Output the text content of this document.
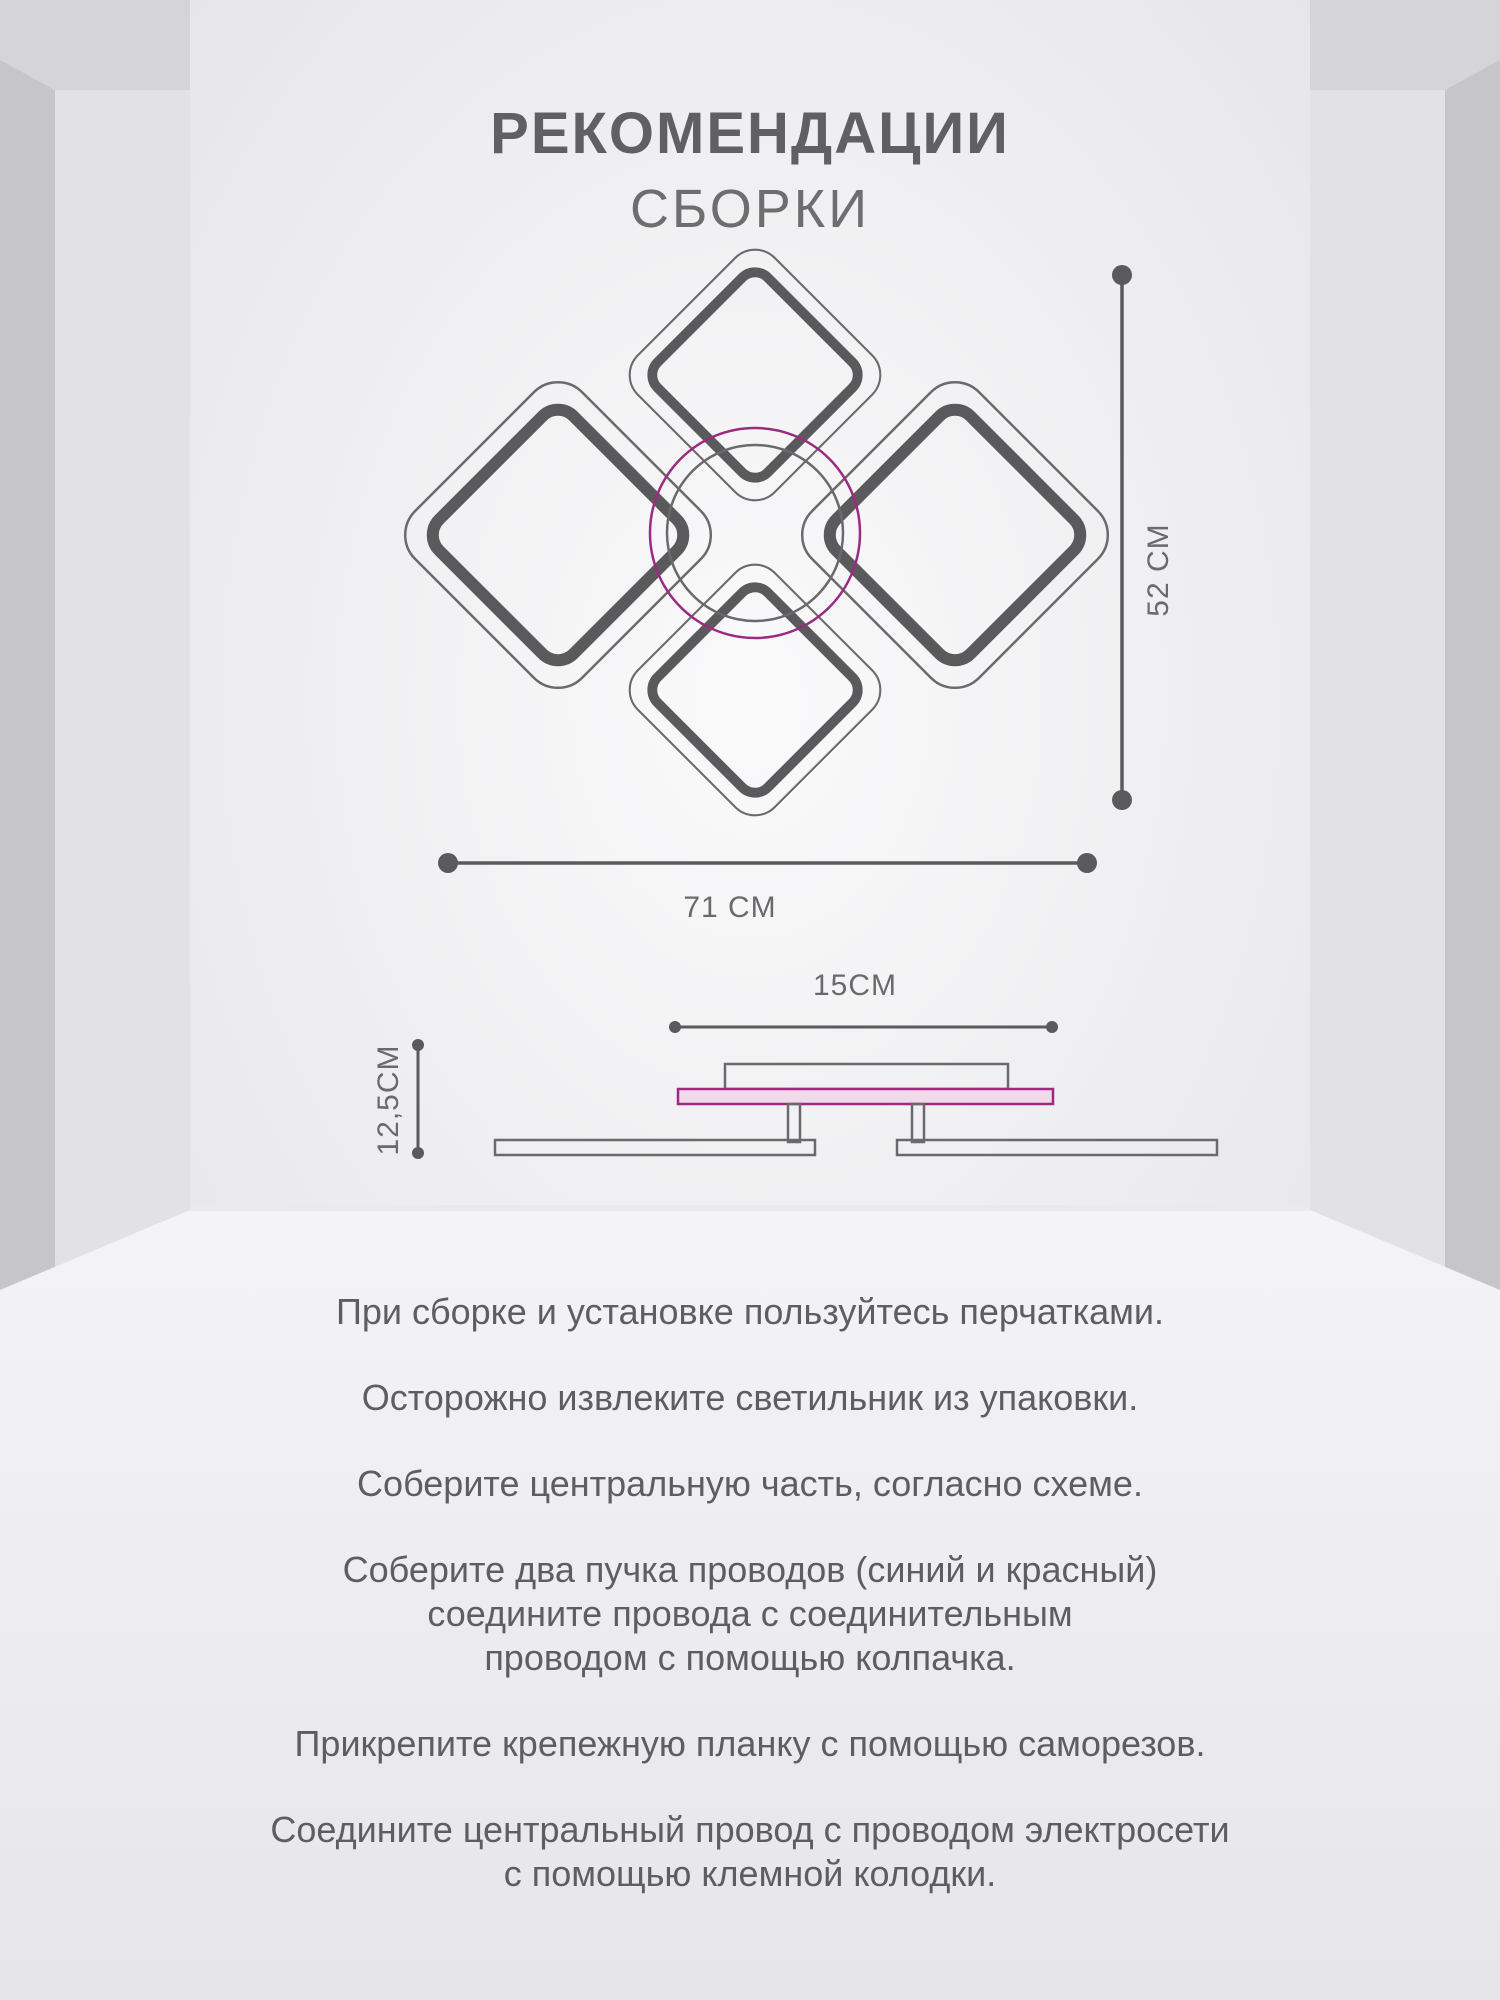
РЕКОМЕНДАЦИИ
СБОРКИ
52 CM
71 CM
15CM
12,5CM

При сборке и установке пользуйтесь перчатками.

Осторожно извлеките светильник из упаковки.

Соберите центральную часть, согласно схеме.

Соберите два пучка проводов (синий и красный)
соедините провода с соединительным
проводом с помощью колпачка.

Прикрепите крепежную планку с помощью саморезов.

Соедините центральный провод с проводом электросети
с помощью клемной колодки.
